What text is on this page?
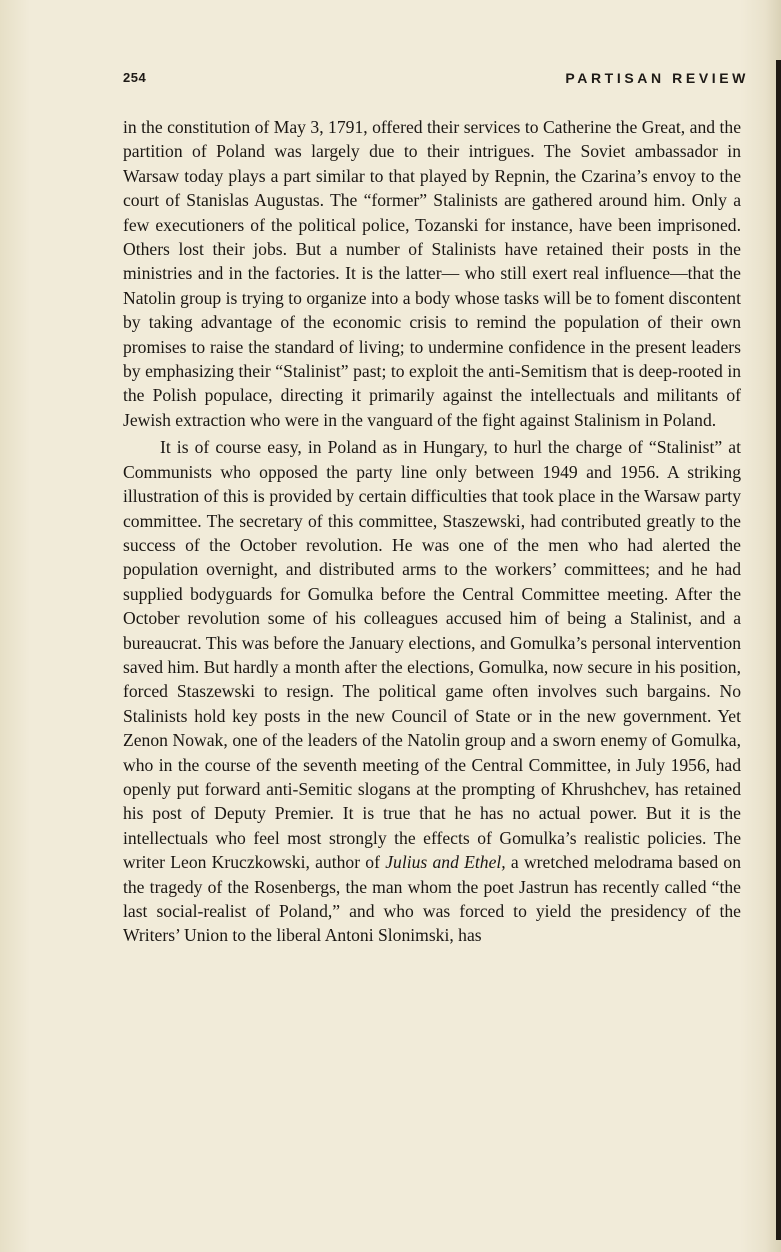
254	PARTISAN REVIEW

in the constitution of May 3, 1791, offered their services to Catherine the Great, and the partition of Poland was largely due to their intrigues. The Soviet ambassador in Warsaw today plays a part similar to that played by Repnin, the Czarina’s envoy to the court of Stanislas Augustas. The “former” Stalinists are gathered around him. Only a few executioners of the political police, Tozanski for instance, have been imprisoned. Others lost their jobs. But a number of Stalinists have retained their posts in the ministries and in the factories. It is the latter— who still exert real influence—that the Natolin group is trying to organize into a body whose tasks will be to foment discontent by taking advantage of the economic crisis to remind the population of their own promises to raise the standard of living; to undermine confidence in the present leaders by emphasizing their “Stalinist” past; to exploit the anti-Semitism that is deep-rooted in the Polish populace, directing it primarily against the intellectuals and militants of Jewish extraction who were in the vanguard of the fight against Stalinism in Poland.

It is of course easy, in Poland as in Hungary, to hurl the charge of “Stalinist” at Communists who opposed the party line only between 1949 and 1956. A striking illustration of this is provided by certain difficulties that took place in the Warsaw party committee. The secretary of this committee, Staszewski, had contributed greatly to the success of the October revolution. He was one of the men who had alerted the population overnight, and distributed arms to the workers’ committees; and he had supplied bodyguards for Gomulka before the Central Committee meeting. After the October revolution some of his colleagues accused him of being a Stalinist, and a bureaucrat. This was before the January elections, and Gomulka’s personal intervention saved him. But hardly a month after the elections, Gomulka, now secure in his position, forced Staszewski to resign. The political game often involves such bargains. No Stalinists hold key posts in the new Council of State or in the new government. Yet Zenon Nowak, one of the leaders of the Natolin group and a sworn enemy of Gomulka, who in the course of the seventh meeting of the Central Committee, in July 1956, had openly put forward anti-Semitic slogans at the prompting of Khrushchev, has retained his post of Deputy Premier. It is true that he has no actual power. But it is the intellectuals who feel most strongly the effects of Gomulka’s realistic policies. The writer Leon Kruczkowski, author of Julius and Ethel, a wretched melodrama based on the tragedy of the Rosenbergs, the man whom the poet Jastrun has recently called “the last social-realist of Poland,” and who was forced to yield the presidency of the Writers’ Union to the liberal Antoni Slonimski, has
